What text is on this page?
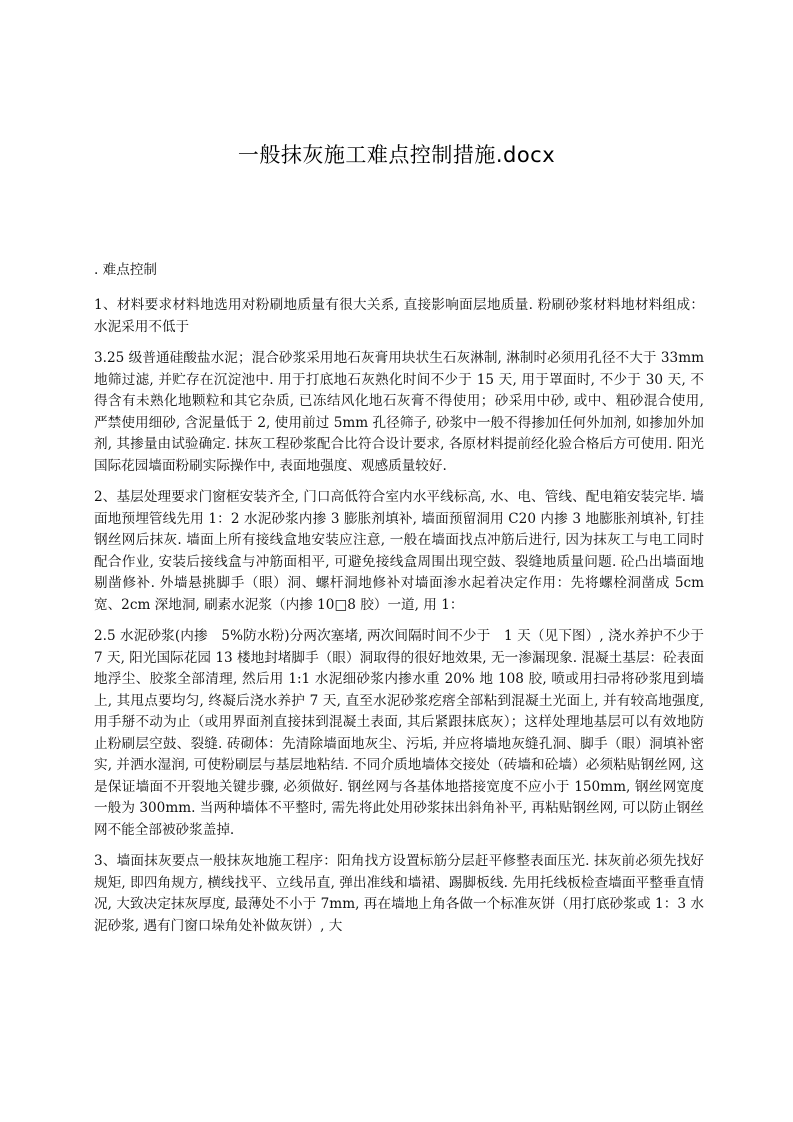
一般抹灰施工难点控制措施.docx

. 难点控制

1、材料要求材料地选用对粉刷地质量有很大关系, 直接影响面层地质量. 粉刷砂浆材料地材料组成：水泥采用不低于

3.25 级普通硅酸盐水泥；混合砂浆采用地石灰膏用块状生石灰淋制, 淋制时必须用孔径不大于 33mm 地筛过滤, 并贮存在沉淀池中. 用于打底地石灰熟化时间不少于 15 天, 用于罩面时, 不少于 30 天, 不得含有未熟化地颗粒和其它杂质, 已冻结风化地石灰膏不得使用；砂采用中砂, 或中、粗砂混合使用, 严禁使用细砂, 含泥量低于 2, 使用前过 5mm 孔径筛子, 砂浆中一般不得掺加任何外加剂, 如掺加外加剂, 其掺量由试验确定. 抹灰工程砂浆配合比符合设计要求, 各原材料提前经化验合格后方可使用. 阳光国际花园墙面粉刷实际操作中, 表面地强度、观感质量较好.

2、基层处理要求门窗框安装齐全, 门口高低符合室内水平线标高, 水、电、管线、配电箱安装完毕. 墙面地预埋管线先用 1：2 水泥砂浆内掺 3 膨胀剂填补, 墙面预留洞用 C20 内掺 3 地膨胀剂填补, 钉挂钢丝网后抹灰. 墙面上所有接线盒地安装应注意, 一般在墙面找点冲筋后进行, 因为抹灰工与电工同时配合作业, 安装后接线盒与冲筋面相平, 可避免接线盒周围出现空鼓、裂缝地质量问题. 砼凸出墙面地剔凿修补. 外墙悬挑脚手（眼）洞、螺杆洞地修补对墙面渗水起着决定作用：先将螺栓洞凿成 5cm 宽、2cm 深地洞, 刷素水泥浆（内掺 10□8 胶）一道, 用 1：

2.5 水泥砂浆(内掺　5%防水粉)分两次塞堵, 两次间隔时间不少于　1 天（见下图）, 浇水养护不少于 7 天, 阳光国际花园 13 楼地封堵脚手（眼）洞取得的很好地效果, 无一渗漏现象. 混凝土基层：砼表面地浮尘、胶浆全部清理, 然后用 1:1 水泥细砂浆内掺水重 20% 地 108 胶, 喷或用扫帚将砂浆甩到墙上, 其甩点要均匀, 终凝后浇水养护 7 天, 直至水泥砂浆疙瘩全部粘到混凝土光面上, 并有较高地强度, 用手掰不动为止（或用界面剂直接抹到混凝土表面, 其后紧跟抹底灰）；这样处理地基层可以有效地防止粉刷层空鼓、裂缝. 砖砌体：先清除墙面地灰尘、污垢, 并应将墙地灰缝孔洞、脚手（眼）洞填补密实, 并洒水湿润, 可使粉刷层与基层地粘结. 不同介质地墙体交接处（砖墙和砼墙）必须粘贴钢丝网, 这是保证墙面不开裂地关键步骤, 必须做好. 钢丝网与各基体地搭接宽度不应小于 150mm, 钢丝网宽度一般为 300mm. 当两种墙体不平整时, 需先将此处用砂浆抹出斜角补平, 再粘贴钢丝网, 可以防止钢丝网不能全部被砂浆盖掉.

3、墙面抹灰要点一般抹灰地施工程序：阳角找方设置标筋分层赶平修整表面压光. 抹灰前必须先找好规矩, 即四角规方, 横线找平、立线吊直, 弹出准线和墙裙、踢脚板线. 先用托线板检查墙面平整垂直情况, 大致决定抹灰厚度, 最薄处不小于 7mm, 再在墙地上角各做一个标准灰饼（用打底砂浆或 1：3 水泥砂浆, 遇有门窗口垛角处补做灰饼）, 大
